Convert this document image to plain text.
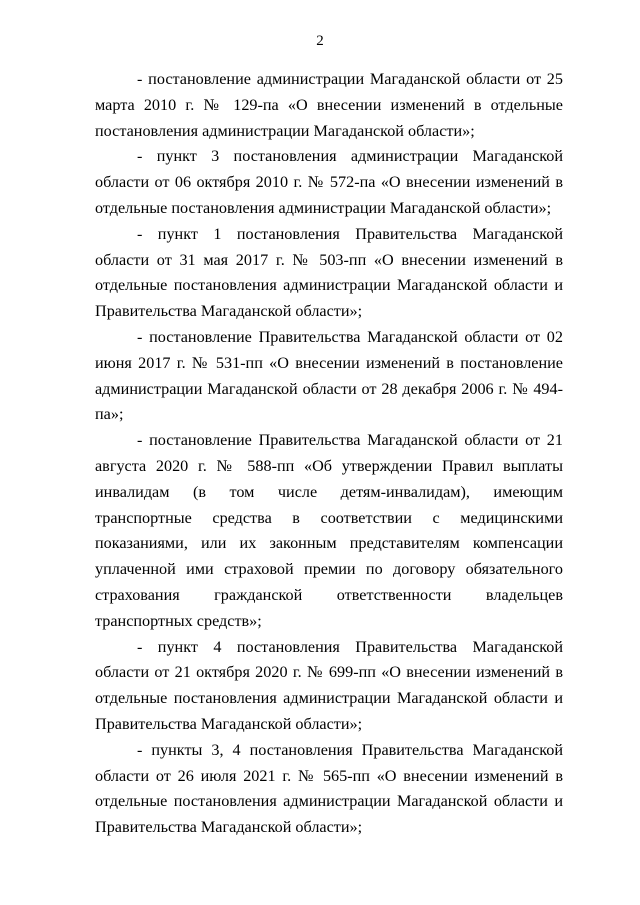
2

- постановление администрации Магаданской области от 25 марта 2010 г. № 129-па «О внесении изменений в отдельные постановления администрации Магаданской области»;

- пункт 3 постановления администрации Магаданской области от 06 октября 2010 г. № 572-па «О внесении изменений в отдельные постановления администрации Магаданской области»;

- пункт 1 постановления Правительства Магаданской области от 31 мая 2017 г. № 503-пп «О внесении изменений в отдельные постановления администрации Магаданской области и Правительства Магаданской области»;

- постановление Правительства Магаданской области от 02 июня 2017 г. № 531-пп «О внесении изменений в постановление администрации Магаданской области от 28 декабря 2006 г. № 494-па»;

- постановление Правительства Магаданской области от 21 августа 2020 г. № 588-пп «Об утверждении Правил выплаты инвалидам (в том числе детям-инвалидам), имеющим транспортные средства в соответствии с медицинскими показаниями, или их законным представителям компенсации уплаченной ими страховой премии по договору обязательного страхования гражданской ответственности владельцев транспортных средств»;

- пункт 4 постановления Правительства Магаданской области от 21 октября 2020 г. № 699-пп «О внесении изменений в отдельные постановления администрации Магаданской области и Правительства Магаданской области»;

- пункты 3, 4 постановления Правительства Магаданской области от 26 июля 2021 г. № 565-пп «О внесении изменений в отдельные постановления администрации Магаданской области и Правительства Магаданской области»;
